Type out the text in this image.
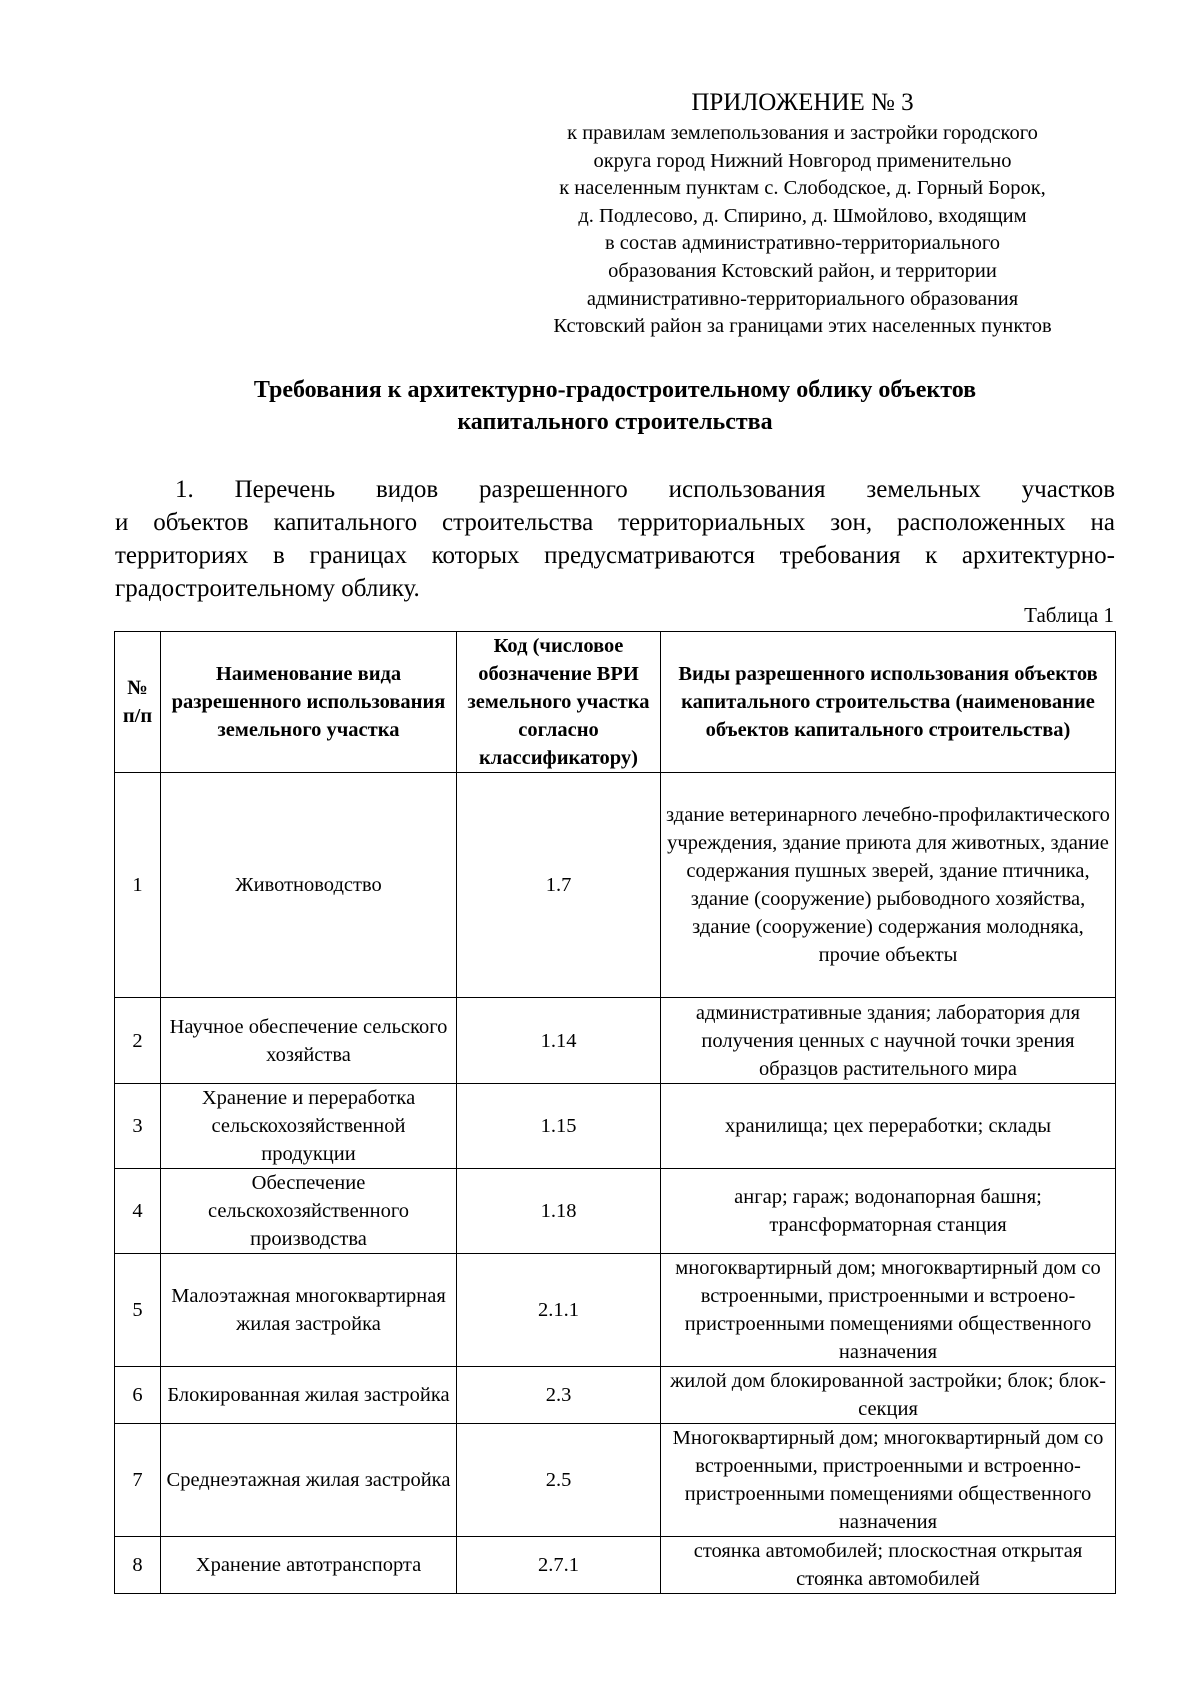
ПРИЛОЖЕНИЕ № 3
к правилам землепользования и застройки городского
округа город Нижний Новгород применительно
к населенным пунктам с. Слободское, д. Горный Борок,
д. Подлесово, д. Спирино, д. Шмойлово, входящим
в состав административно-территориального
образования Кстовский район, и территории
административно-территориального образования
Кстовский район за границами этих населенных пунктов
Требования к архитектурно-градостроительному облику объектов
капитального строительства
1. Перечень видов разрешенного использования земельных участков
и объектов капитального строительства территориальных зон, расположенных на
территориях в границах которых предусматриваются требования к архитектурно-
градостроительному облику.
Таблица 1
№ п/п	Наименование вида разрешенного использования земельного участка	Код (числовое обозначение ВРИ земельного участка согласно классификатору)	Виды разрешенного использования объектов капитального строительства (наименование объектов капитального строительства)
1	Животноводство	1.7	здание ветеринарного лечебно-профилактического учреждения, здание приюта для животных, здание содержания пушных зверей, здание птичника, здание (сооружение) рыбоводного хозяйства, здание (сооружение) содержания молодняка, прочие объекты
2	Научное обеспечение сельского хозяйства	1.14	административные здания; лаборатория для получения ценных с научной точки зрения образцов растительного мира
3	Хранение и переработка сельскохозяйственной продукции	1.15	хранилища; цех переработки; склады
4	Обеспечение сельскохозяйственного производства	1.18	ангар; гараж; водонапорная башня; трансформаторная станция
5	Малоэтажная многоквартирная жилая застройка	2.1.1	многоквартирный дом; многоквартирный дом со встроенными, пристроенными и встроено-пристроенными помещениями общественного назначения
6	Блокированная жилая застройка	2.3	жилой дом блокированной застройки; блок; блок-секция
7	Среднеэтажная жилая застройка	2.5	Многоквартирный дом; многоквартирный дом со встроенными, пристроенными и встроенно-пристроенными помещениями общественного назначения
8	Хранение автотранспорта	2.7.1	стоянка автомобилей; плоскостная открытая стоянка автомобилей
